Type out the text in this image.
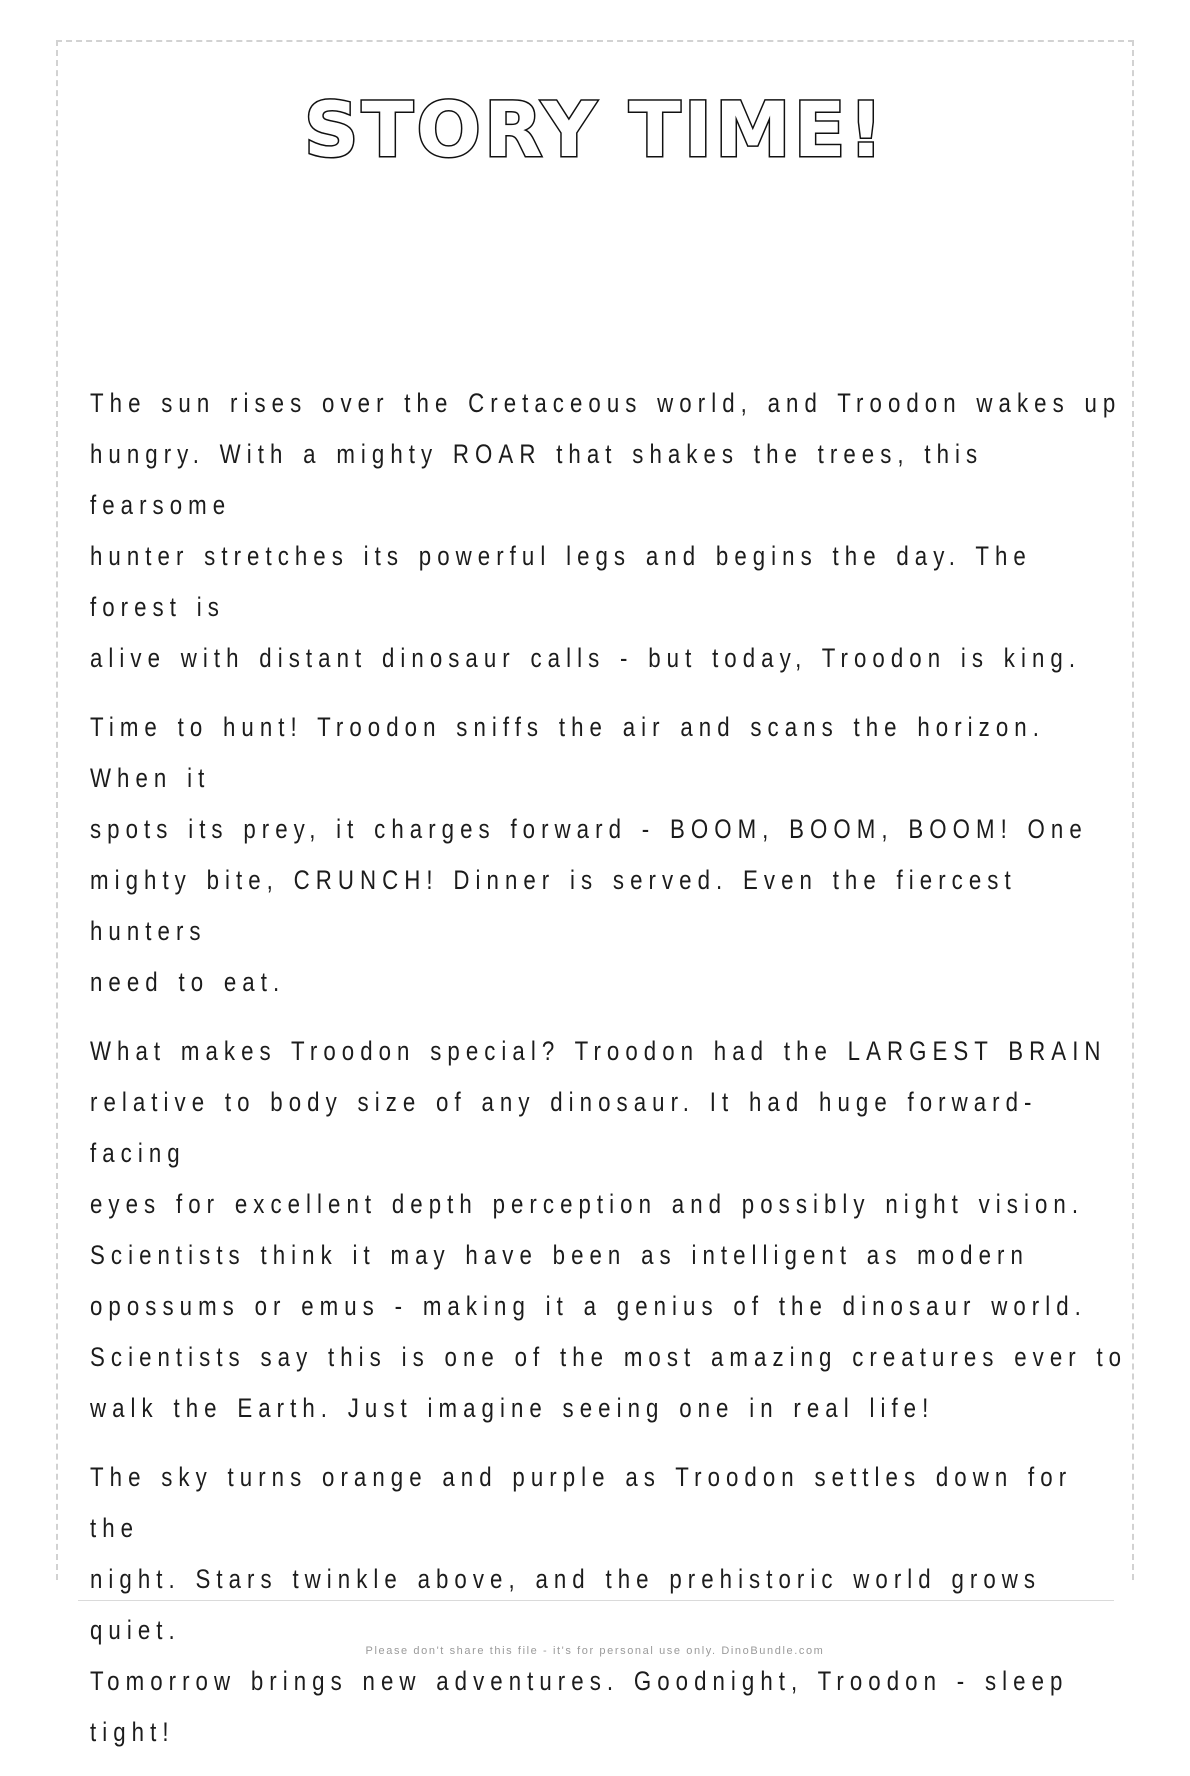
STORY TIME!

The sun rises over the Cretaceous world, and Troodon wakes up
hungry. With a mighty ROAR that shakes the trees, this fearsome
hunter stretches its powerful legs and begins the day. The forest is
alive with distant dinosaur calls - but today, Troodon is king.

Time to hunt! Troodon sniffs the air and scans the horizon. When it
spots its prey, it charges forward - BOOM, BOOM, BOOM! One
mighty bite, CRUNCH! Dinner is served. Even the fiercest hunters
need to eat.

What makes Troodon special? Troodon had the LARGEST BRAIN
relative to body size of any dinosaur. It had huge forward-facing
eyes for excellent depth perception and possibly night vision.
Scientists think it may have been as intelligent as modern
opossums or emus - making it a genius of the dinosaur world.
Scientists say this is one of the most amazing creatures ever to
walk the Earth. Just imagine seeing one in real life!

The sky turns orange and purple as Troodon settles down for the
night. Stars twinkle above, and the prehistoric world grows quiet.
Tomorrow brings new adventures. Goodnight, Troodon - sleep tight!

Please don't share this file - it's for personal use only. DinoBundle.com
